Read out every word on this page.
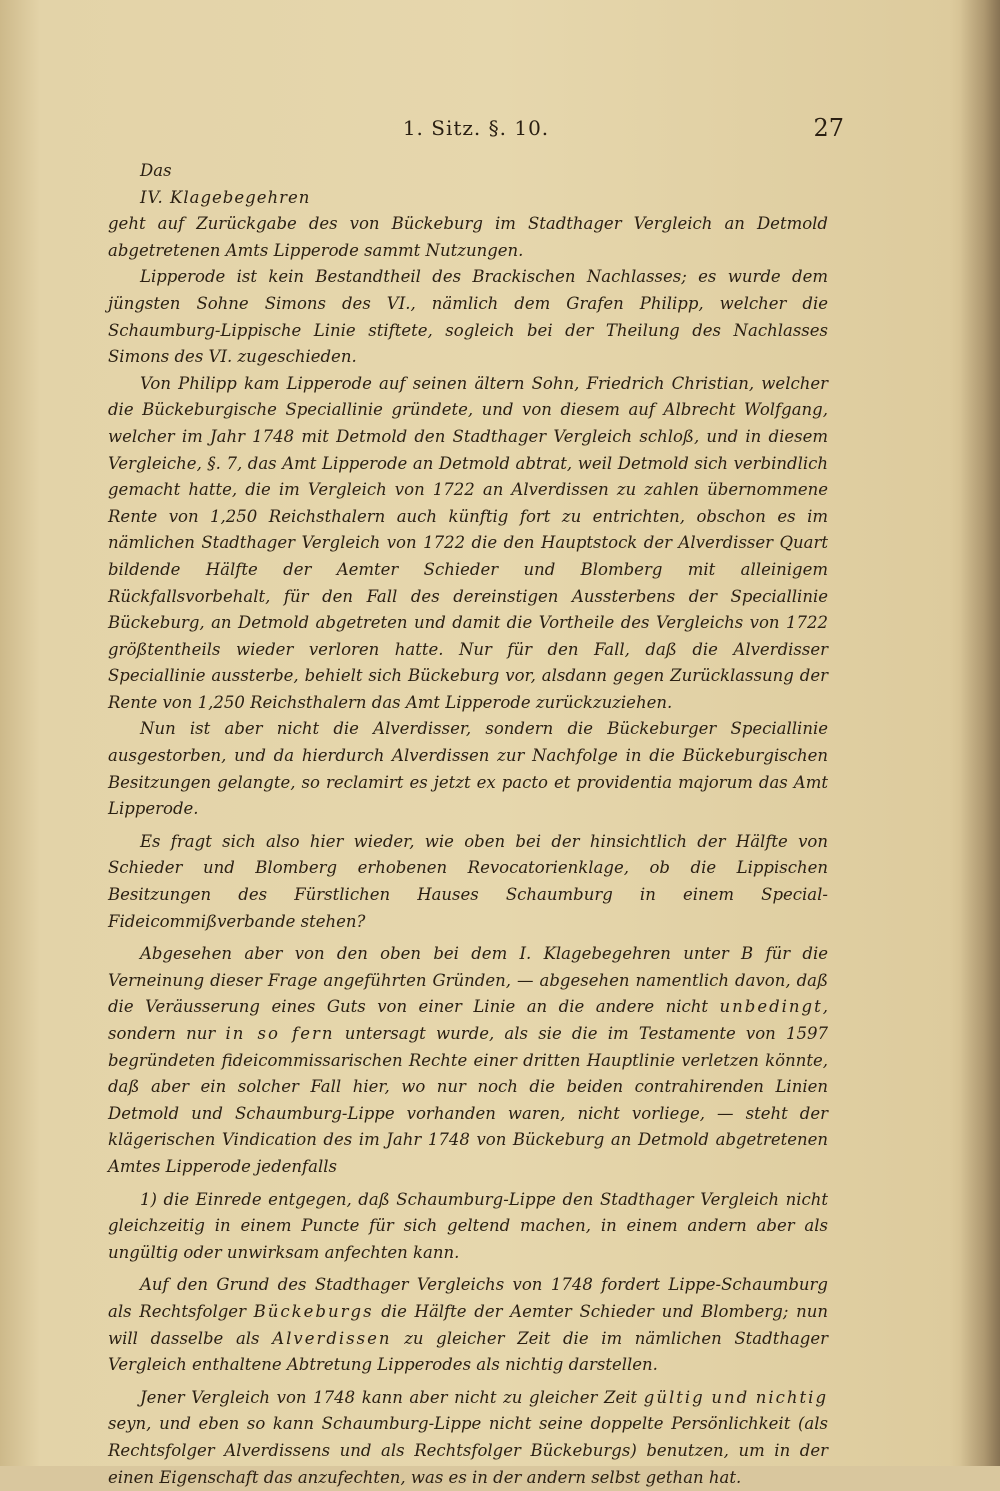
1. Sitz. §. 10.	27

Das

IV. Klagebegehren

geht auf Zurückgabe des von Bückeburg im Stadthager Vergleich an Detmold abgetretenen Amts Lipperode sammt Nutzungen.

Lipperode ist kein Bestandtheil des Brackischen Nachlasses; es wurde dem jüngsten Sohne Simons des VI., nämlich dem Grafen Philipp, welcher die Schaumburg-Lippische Linie stiftete, sogleich bei der Theilung des Nachlasses Simons des VI. zugeschieden.

Von Philipp kam Lipperode auf seinen ältern Sohn, Friedrich Christian, welcher die Bückeburgische Speciallinie gründete, und von diesem auf Albrecht Wolfgang, welcher im Jahr 1748 mit Detmold den Stadthager Vergleich schloß, und in diesem Vergleiche, §. 7, das Amt Lipperode an Detmold abtrat, weil Detmold sich verbindlich gemacht hatte, die im Vergleich von 1722 an Alverdissen zu zahlen übernommene Rente von 1,250 Reichsthalern auch künftig fort zu entrichten, obschon es im nämlichen Stadthager Vergleich von 1722 die den Hauptstock der Alverdisser Quart bildende Hälfte der Aemter Schieder und Blomberg mit alleinigem Rückfallsvorbehalt, für den Fall des dereinstigen Aussterbens der Speciallinie Bückeburg, an Detmold abgetreten und damit die Vortheile des Vergleichs von 1722 größtentheils wieder verloren hatte. Nur für den Fall, daß die Alverdisser Speciallinie aussterbe, behielt sich Bückeburg vor, alsdann gegen Zurücklassung der Rente von 1,250 Reichsthalern das Amt Lipperode zurückzuziehen.

Nun ist aber nicht die Alverdisser, sondern die Bückeburger Speciallinie ausgestorben, und da hierdurch Alverdissen zur Nachfolge in die Bückeburgischen Besitzungen gelangte, so reclamirt es jetzt ex pacto et providentia majorum das Amt Lipperode.

Es fragt sich also hier wieder, wie oben bei der hinsichtlich der Hälfte von Schieder und Blomberg erhobenen Revocatorienklage, ob die Lippischen Besitzungen des Fürstlichen Hauses Schaumburg in einem Special-Fideicommißverbande stehen?

Abgesehen aber von den oben bei dem I. Klagebegehren unter B für die Verneinung dieser Frage angeführten Gründen, — abgesehen namentlich davon, daß die Veräusserung eines Guts von einer Linie an die andere nicht unbedingt, sondern nur in so fern untersagt wurde, als sie die im Testamente von 1597 begründeten fideicommissarischen Rechte einer dritten Hauptlinie verletzen könnte, daß aber ein solcher Fall hier, wo nur noch die beiden contrahirenden Linien Detmold und Schaumburg-Lippe vorhanden waren, nicht vorliege, — steht der klägerischen Vindication des im Jahr 1748 von Bückeburg an Detmold abgetretenen Amtes Lipperode jedenfalls

1) die Einrede entgegen, daß Schaumburg-Lippe den Stadthager Vergleich nicht gleichzeitig in einem Puncte für sich geltend machen, in einem andern aber als ungültig oder unwirksam anfechten kann.

Auf den Grund des Stadthager Vergleichs von 1748 fordert Lippe-Schaumburg als Rechtsfolger Bückeburgs die Hälfte der Aemter Schieder und Blomberg; nun will dasselbe als Alverdissen zu gleicher Zeit die im nämlichen Stadthager Vergleich enthaltene Abtretung Lipperodes als nichtig darstellen.

Jener Vergleich von 1748 kann aber nicht zu gleicher Zeit gültig und nichtig seyn, und eben so kann Schaumburg-Lippe nicht seine doppelte Persönlichkeit (als Rechtsfolger Alverdissens und als Rechtsfolger Bückeburgs) benutzen, um in der einen Eigenschaft das anzufechten, was es in der andern selbst gethan hat.
